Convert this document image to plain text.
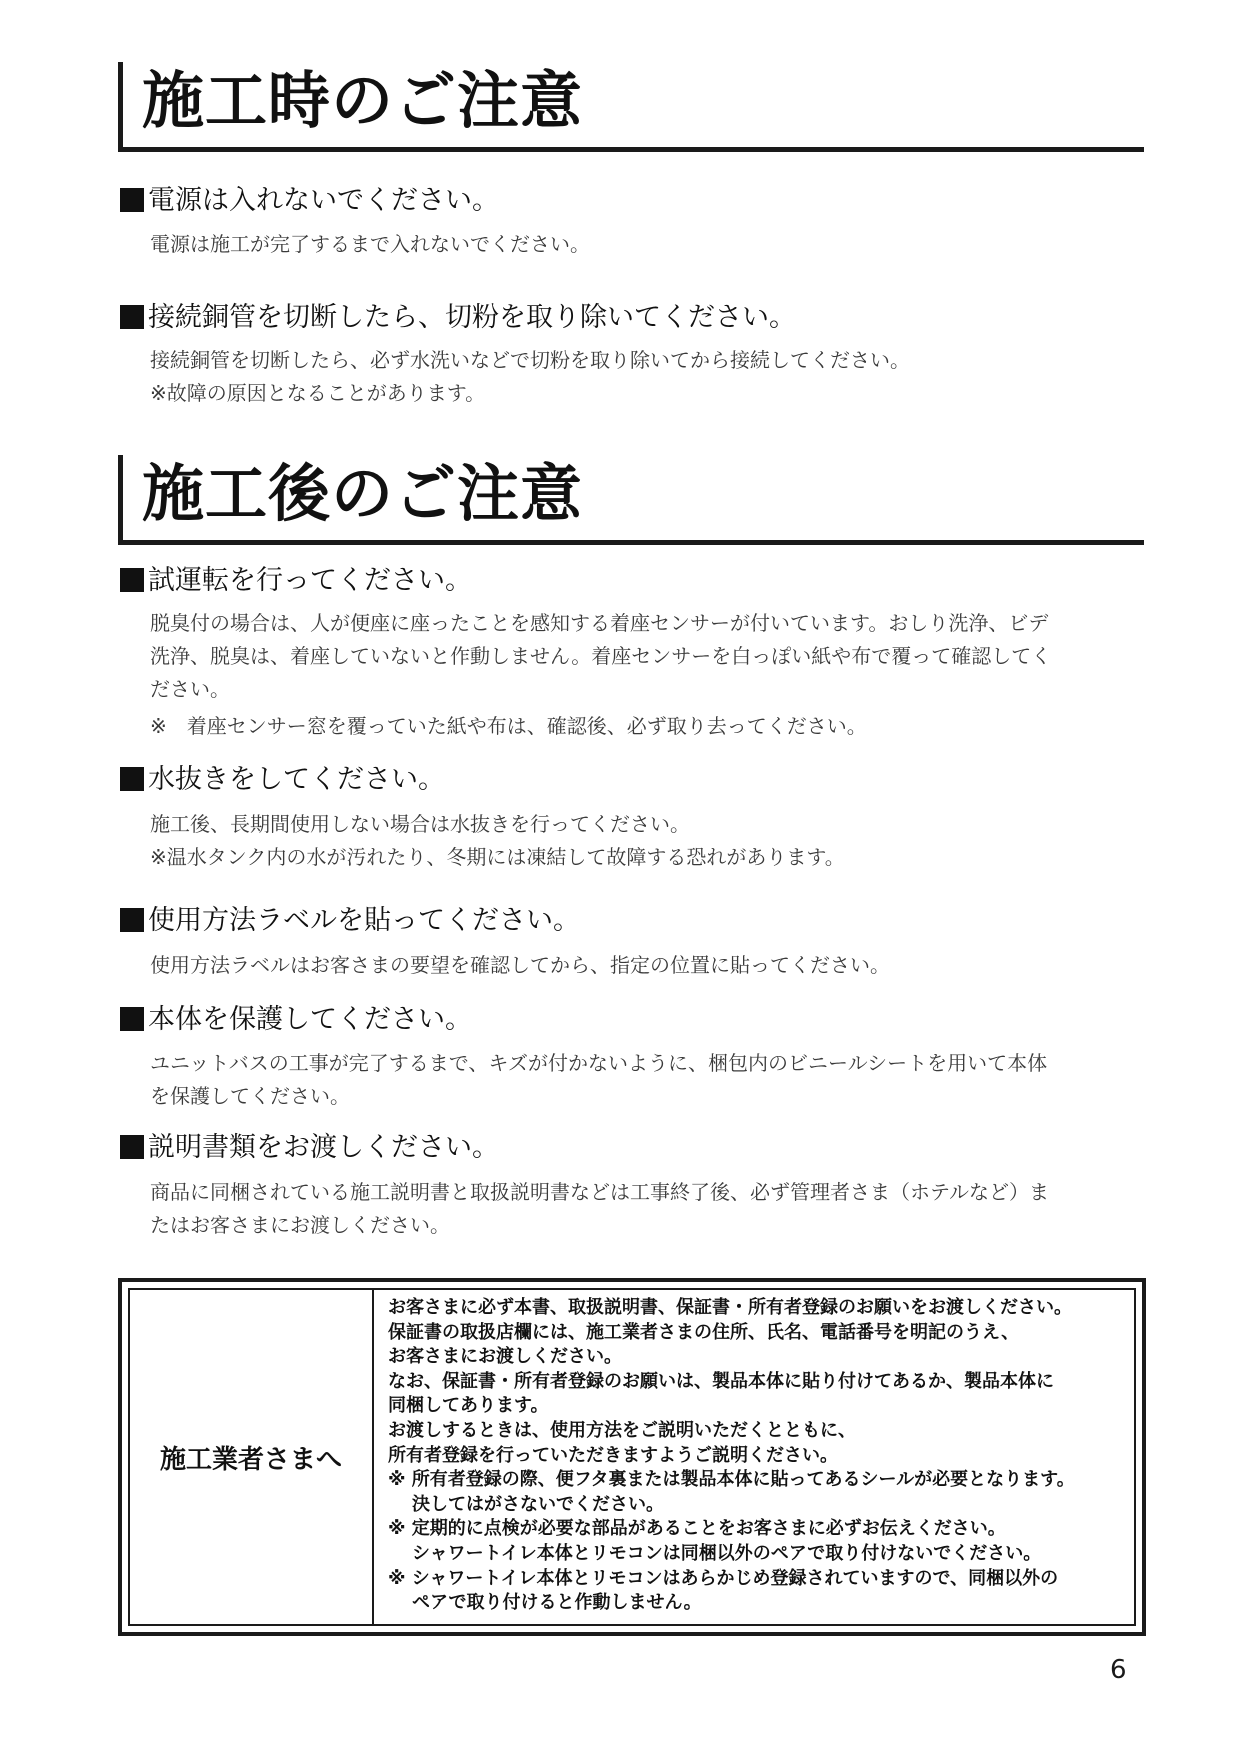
施工時のご注意
電源は入れないでください。
電源は施工が完了するまで入れないでください。
接続銅管を切断したら、切粉を取り除いてください。
接続銅管を切断したら、必ず水洗いなどで切粉を取り除いてから接続してください。
※故障の原因となることがあります。
施工後のご注意
試運転を行ってください。
脱臭付の場合は、人が便座に座ったことを感知する着座センサーが付いています。おしり洗浄、ビデ
洗浄、脱臭は、着座していないと作動しません。着座センサーを白っぽい紙や布で覆って確認してく
ださい。
※　着座センサー窓を覆っていた紙や布は、確認後、必ず取り去ってください。
水抜きをしてください。
施工後、長期間使用しない場合は水抜きを行ってください。
※温水タンク内の水が汚れたり、冬期には凍結して故障する恐れがあります。
使用方法ラベルを貼ってください。
使用方法ラベルはお客さまの要望を確認してから、指定の位置に貼ってください。
本体を保護してください。
ユニットバスの工事が完了するまで、キズが付かないように、梱包内のビニールシートを用いて本体
を保護してください。
説明書類をお渡しください。
商品に同梱されている施工説明書と取扱説明書などは工事終了後、必ず管理者さま（ホテルなど）ま
たはお客さまにお渡しください。
施工業者さまへ
お客さまに必ず本書、取扱説明書、保証書・所有者登録のお願いをお渡しください。
保証書の取扱店欄には、施工業者さまの住所、氏名、電話番号を明記のうえ、
お客さまにお渡しください。
なお、保証書・所有者登録のお願いは、製品本体に貼り付けてあるか、製品本体に
同梱してあります。
お渡しするときは、使用方法をご説明いただくとともに、
所有者登録を行っていただきますようご説明ください。
※ 所有者登録の際、便フタ裏または製品本体に貼ってあるシールが必要となります。
決してはがさないでください。
※ 定期的に点検が必要な部品があることをお客さまに必ずお伝えください。
シャワートイレ本体とリモコンは同梱以外のペアで取り付けないでください。
※ シャワートイレ本体とリモコンはあらかじめ登録されていますので、同梱以外の
ペアで取り付けると作動しません。
6
